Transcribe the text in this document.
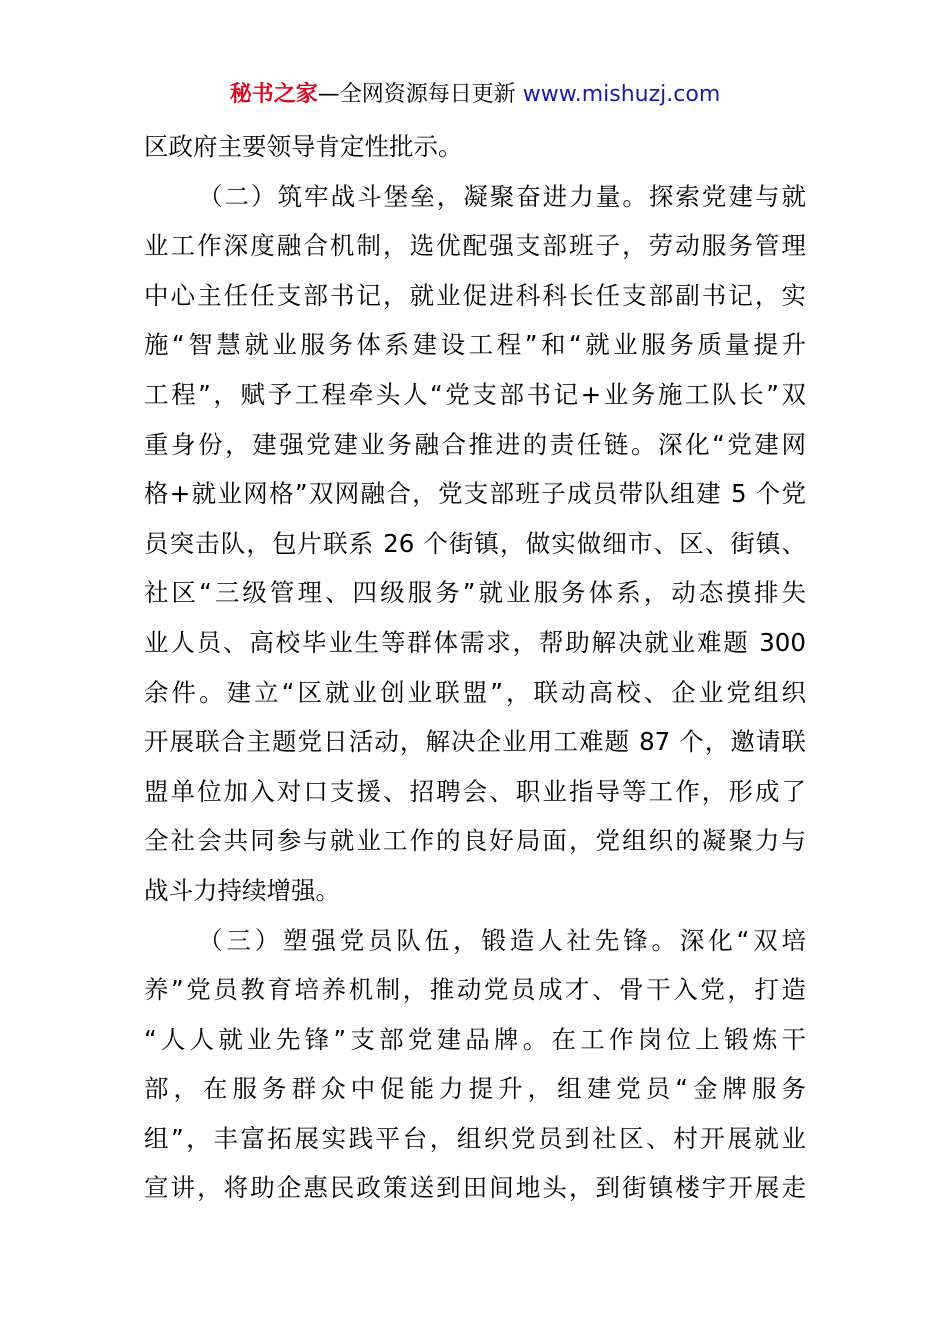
秘书之家—全网资源每日更新 www.mishuzj.com
区政府主要领导肯定性批示。
（二）筑牢战斗堡垒，凝聚奋进力量。探索党建与就
业工作深度融合机制，选优配强支部班子，劳动服务管理
中心主任任支部书记，就业促进科科长任支部副书记，实
施“智慧就业服务体系建设工程”和“就业服务质量提升
工程”，赋予工程牵头人“党支部书记+业务施工队长”双
重身份，建强党建业务融合推进的责任链。深化“党建网
格+就业网格”双网融合，党支部班子成员带队组建 5 个党
员突击队，包片联系 26 个街镇，做实做细市、区、街镇、
社区“三级管理、四级服务”就业服务体系，动态摸排失
业人员、高校毕业生等群体需求，帮助解决就业难题 300
余件。建立“区就业创业联盟”，联动高校、企业党组织
开展联合主题党日活动，解决企业用工难题 87 个，邀请联
盟单位加入对口支援、招聘会、职业指导等工作，形成了
全社会共同参与就业工作的良好局面，党组织的凝聚力与
战斗力持续增强。
（三）塑强党员队伍，锻造人社先锋。深化“双培
养”党员教育培养机制，推动党员成才、骨干入党，打造
“人人就业先锋”支部党建品牌。在工作岗位上锻炼干
部，在服务群众中促能力提升，组建党员“金牌服务
组”，丰富拓展实践平台，组织党员到社区、村开展就业
宣讲，将助企惠民政策送到田间地头，到街镇楼宇开展走
